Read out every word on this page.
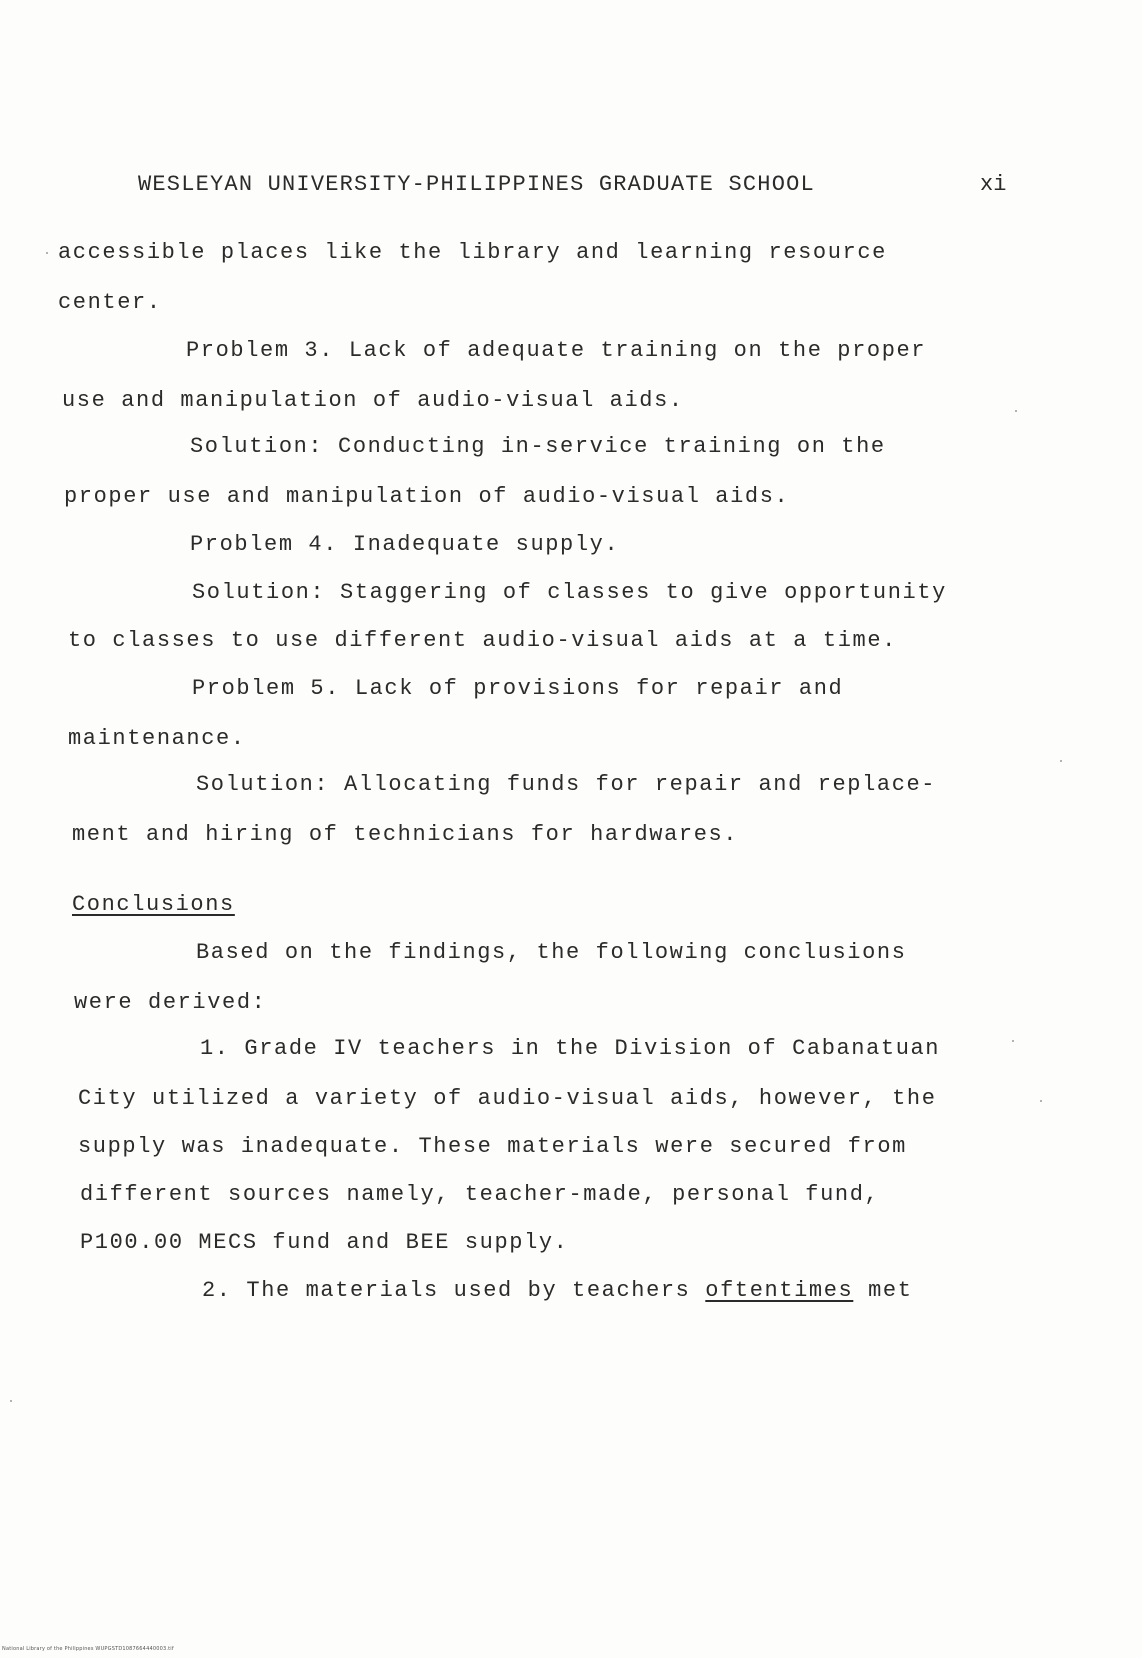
WESLEYAN UNIVERSITY-PHILIPPINES GRADUATE SCHOOL	xi
accessible places like the library and learning resource
center.
Problem 3. Lack of adequate training on the proper
use and manipulation of audio-visual aids.
Solution: Conducting in-service training on the
proper use and manipulation of audio-visual aids.
Problem 4. Inadequate supply.
Solution: Staggering of classes to give opportunity
to classes to use different audio-visual aids at a time.
Problem 5. Lack of provisions for repair and
maintenance.
Solution: Allocating funds for repair and replace-
ment and hiring of technicians for hardwares.
Conclusions
Based on the findings, the following conclusions
were derived:
1. Grade IV teachers in the Division of Cabanatuan
City utilized a variety of audio-visual aids, however, the
supply was inadequate. These materials were secured from
different sources namely, teacher-made, personal fund,
P100.00 MECS fund and BEE supply.
2. The materials used by teachers oftentimes met
National Library of the Philippines WUPGSTD1087664440003.tif
